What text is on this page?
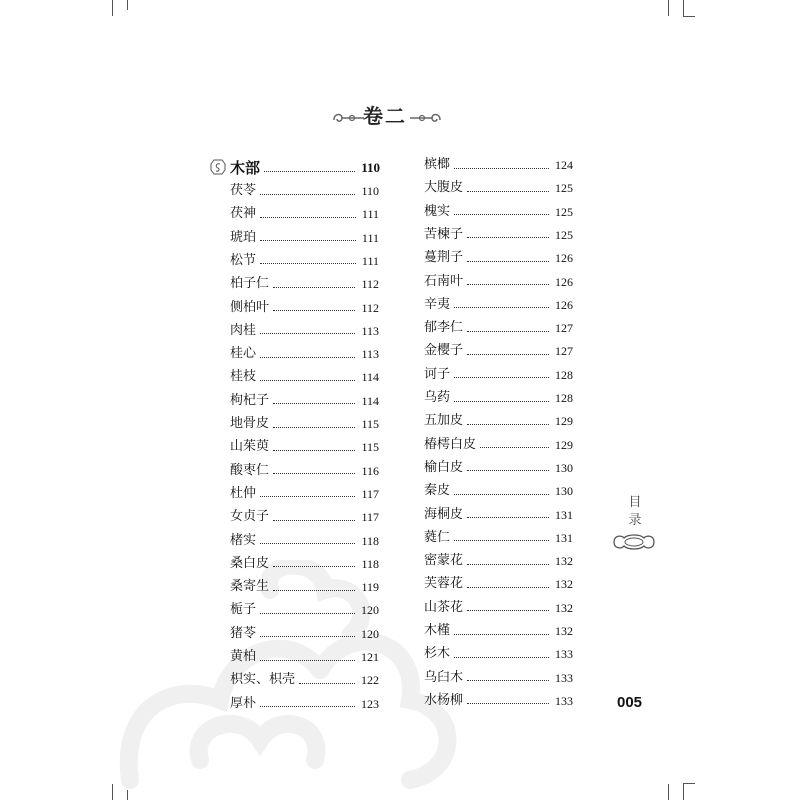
卷二
木部	110
茯苓	110
茯神	111
琥珀	111
松节	111
柏子仁	112
侧柏叶	112
肉桂	113
桂心	113
桂枝	114
枸杞子	114
地骨皮	115
山茱萸	115
酸枣仁	116
杜仲	117
女贞子	117
楮实	118
桑白皮	118
桑寄生	119
栀子	120
猪苓	120
黄柏	121
枳实、枳壳	122
厚朴	123
槟榔	124
大腹皮	125
槐实	125
苦楝子	125
蔓荆子	126
石南叶	126
辛夷	126
郁李仁	127
金樱子	127
诃子	128
乌药	128
五加皮	129
椿樗白皮	129
榆白皮	130
秦皮	130
海桐皮	131
蕤仁	131
密蒙花	132
芙蓉花	132
山茶花	132
木槿	132
杉木	133
乌臼木	133
水杨柳	133
目录
005
